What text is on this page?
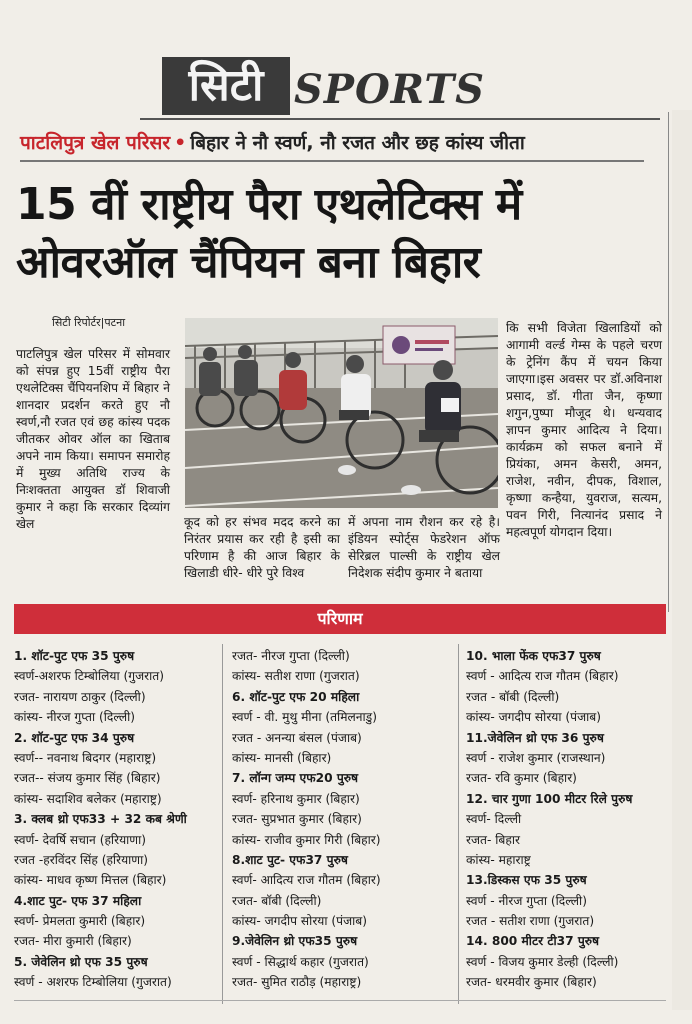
सिटी SPORTS
पाटलिपुत्र खेल परिसर • बिहार ने नौ स्वर्ण, नौ रजत और छह कांस्य जीता
15 वीं राष्ट्रीय पैरा एथलेटिक्स में
ओवरऑल चैंपियन बना बिहार
सिटी रिपोर्टर|पटना
पाटलिपुत्र खेल परिसर में सोमवार को संपन्न हुए 15वीं राष्ट्रीय पैरा एथलेटिक्स चैंपियनशिप में बिहार ने शानदार प्रदर्शन करते हुए नौ स्वर्ण,नौ रजत एवं छह कांस्य पदक जीतकर ओवर ऑल का खिताब अपने नाम किया। समापन समारोह में मुख्य अतिथि राज्य के निःशक्तता आयुक्त डॉ शिवाजी कुमार ने कहा कि सरकार दिव्यांग खेल	कूद को हर संभव मदद करने का निरंतर प्रयास कर रही है इसी का परिणाम है की आज बिहार के खिलाडी धीरे- धीरे पुरे विश्व
में अपना नाम रौशन कर रहे है। इंडियन स्पोर्ट्स फेडरेशन ऑफ सेरिब्रल पाल्सी के राष्ट्रीय खेल निदेशक संदीप कुमार ने बताया
कि सभी विजेता खिलाडियों को आगामी वर्ल्ड गेम्स के पहले चरण के ट्रेनिंग कैंप में चयन किया जाएगा।इस अवसर पर डॉ.अविनाश प्रसाद, डॉ. गीता जैन, कृष्णा शगुन,पुष्पा मौजूद थे। धन्यवाद ज्ञापन कुमार आदित्य ने दिया। कार्यक्रम को सफल बनाने में प्रियंका, अमन केसरी, अमन, राजेश, नवीन, दीपक, विशाल, कृष्णा कन्हैया, युवराज, सत्यम, पवन गिरी, नित्यानंद प्रसाद ने महत्वपूर्ण योगदान दिया।
परिणाम
1. शॉट-पुट एफ 35 पुरुष
स्वर्ण-अशरफ टिम्बोलिया (गुजरात)
रजत- नारायण ठाकुर (दिल्ली)
कांस्य- नीरज गुप्ता (दिल्ली)
2. शॉट-पुट एफ 34 पुरुष
स्वर्ण-- नवनाथ बिदगर (महाराष्ट्र)
रजत-- संजय कुमार सिंह (बिहार)
कांस्य- सदाशिव बलेकर (महाराष्ट्र)
3. क्लब थ्रो एफ33 + 32 कब श्रेणी
स्वर्ण- देवर्षि सचान (हरियाणा)
रजत -हरविंदर सिंह (हरियाणा)
कांस्य- माधव कृष्ण मित्तल (बिहार)
4.शाट पुट- एफ 37 महिला
स्वर्ण- प्रेमलता कुमारी (बिहार)
रजत- मीरा कुमारी (बिहार)
5. जेवेलिन थ्रो एफ 35 पुरुष
स्वर्ण - अशरफ टिम्बोलिया (गुजरात)
रजत- नीरज गुप्ता (दिल्ली)
कांस्य- सतीश राणा (गुजरात)
6. शॉट-पुट एफ 20 महिला
स्वर्ण - वी. मुथु मीना (तमिलनाडु)
रजत - अनन्या बंसल (पंजाब)
कांस्य- मानसी (बिहार)
7. लॉन्ग जम्प एफ20 पुरुष
स्वर्ण- हरिनाथ कुमार (बिहार)
रजत- सुप्रभात कुमार (बिहार)
कांस्य- राजीव कुमार गिरी (बिहार)
8.शाट पुट- एफ37 पुरुष
स्वर्ण- आदित्य राज गौतम (बिहार)
रजत- बॉबी (दिल्ली)
कांस्य- जगदीप सोरया (पंजाब)
9.जेवेलिन थ्रो एफ35 पुरुष
स्वर्ण - सिद्धार्थ कहार (गुजरात)
रजत- सुमित राठौड़ (महाराष्ट्र)
10. भाला फेंक एफ37 पुरुष
स्वर्ण - आदित्य राज गौतम (बिहार)
रजत - बॉबी (दिल्ली)
कांस्य- जगदीप सोरया (पंजाब)
11.जेवेलिन थ्रो एफ 36 पुरुष
स्वर्ण - राजेश कुमार (राजस्थान)
रजत- रवि कुमार (बिहार)
12. चार गुणा 100 मीटर रिले पुरुष
स्वर्ण- दिल्ली
रजत- बिहार
कांस्य- महाराष्ट्र
13.डिस्कस एफ 35 पुरुष
स्वर्ण - नीरज गुप्ता (दिल्ली)
रजत - सतीश राणा (गुजरात)
14. 800 मीटर टी37 पुरुष
स्वर्ण - विजय कुमार डेल्ही (दिल्ली)
रजत- धरमवीर कुमार (बिहार)
